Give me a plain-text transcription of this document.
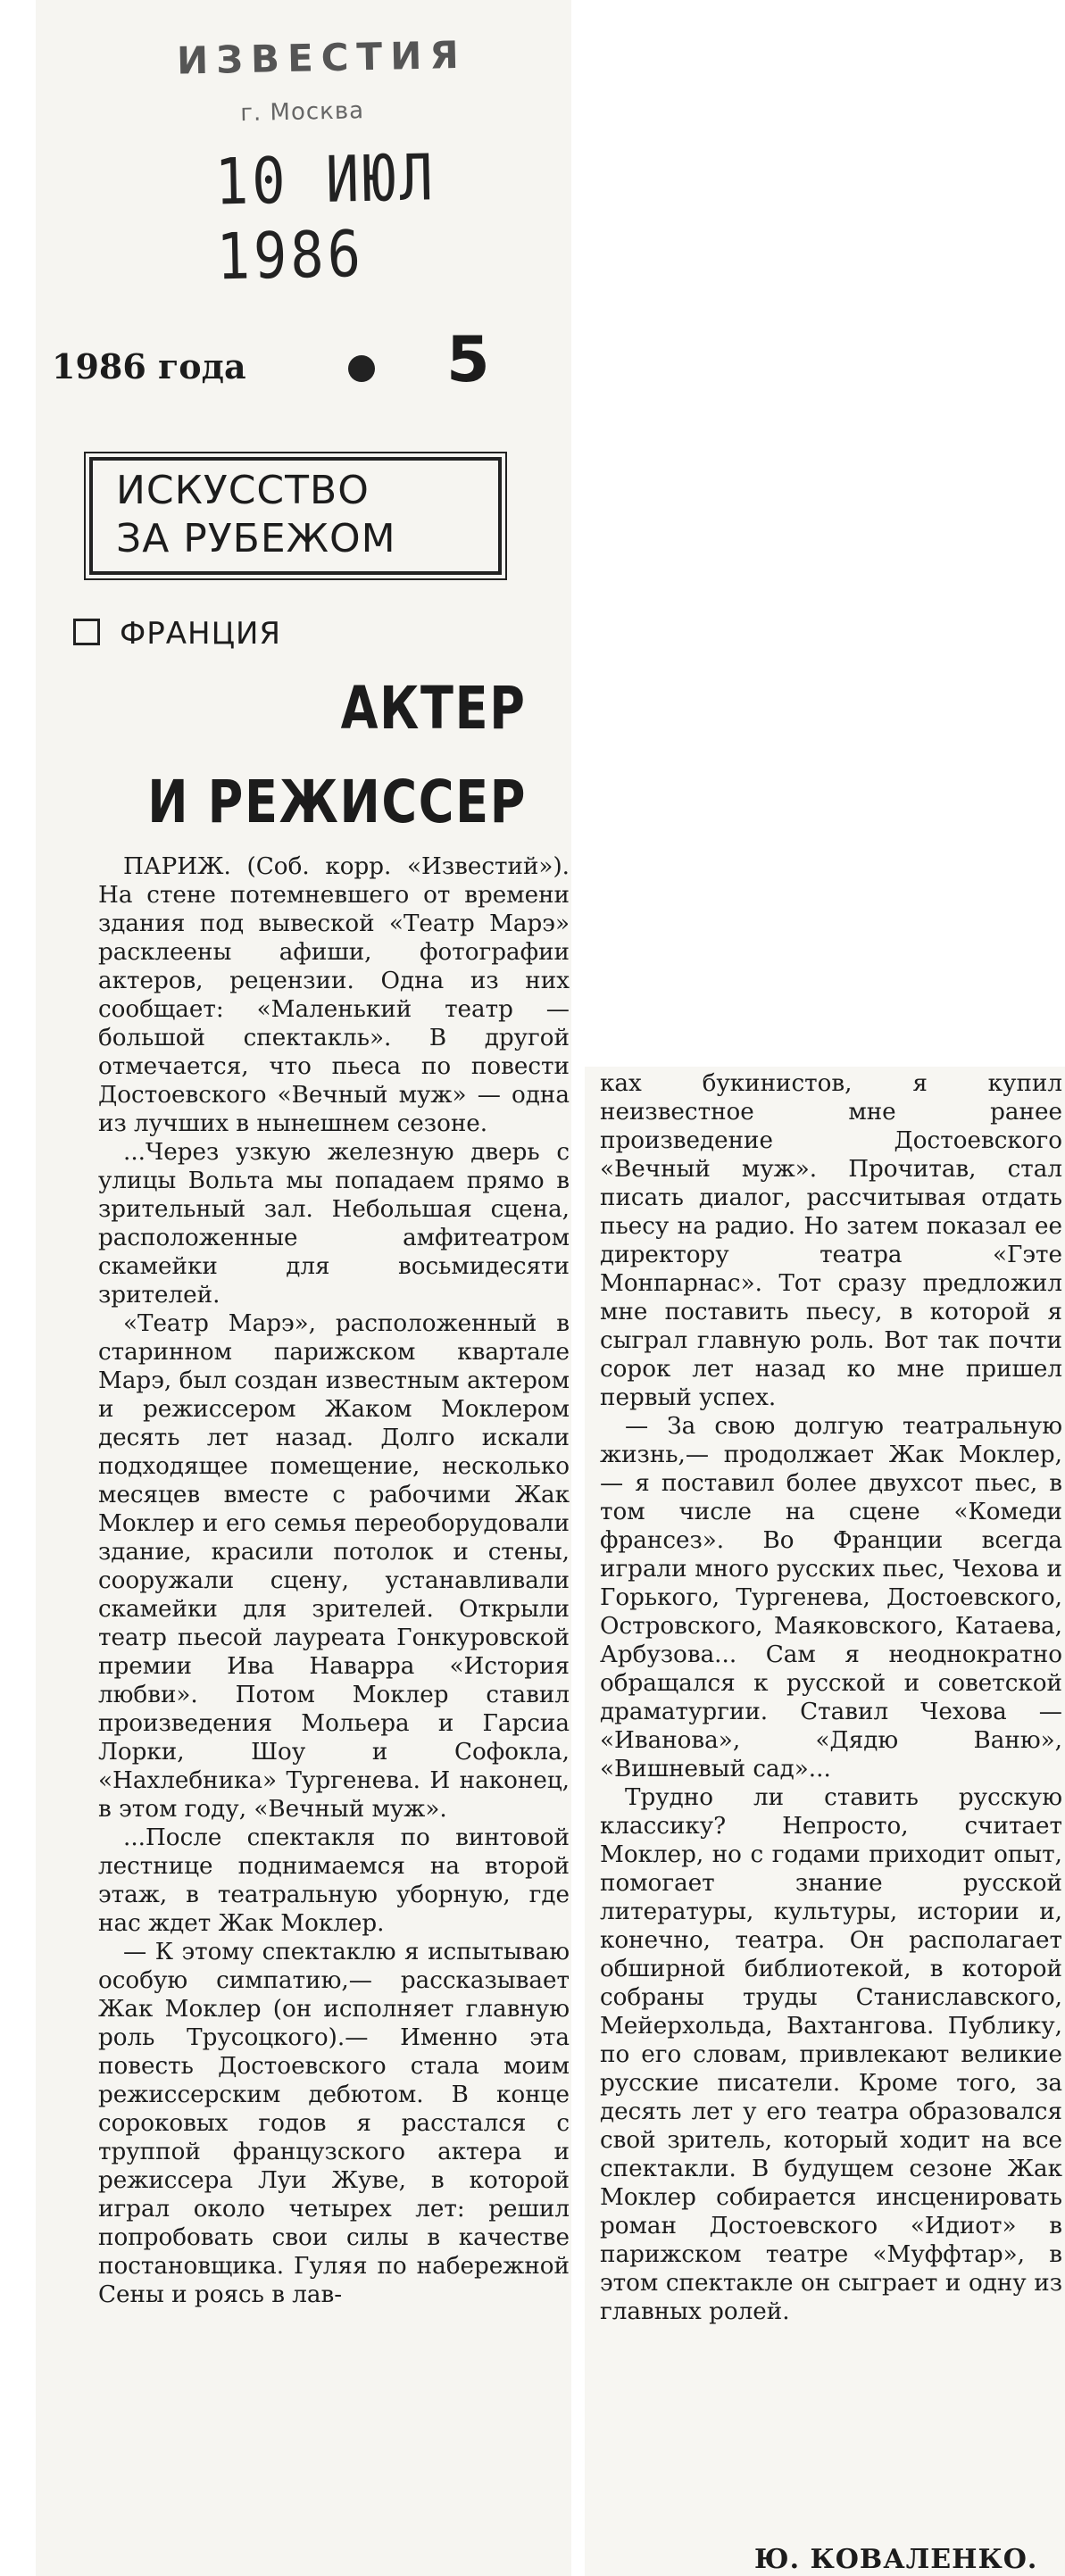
ИЗВЕСТИЯ
г. Москва
10 ИЮЛ 1986
1986 года	5
ИСКУССТВО
ЗА РУБЕЖОМ
ФРАНЦИЯ
АКТЕР
И РЕЖИССЕР

ПАРИЖ. (Соб. корр. «Известий»). На стене потемневшего от времени здания под вывеской «Театр Марэ» расклеены афиши, фотографии актеров, рецензии. Одна из них сообщает: «Маленький театр — большой спектакль». В другой отмечается, что пьеса по повести Достоевского «Вечный муж» — одна из лучших в нынешнем сезоне.

...Через узкую железную дверь с улицы Вольта мы попадаем прямо в зрительный зал. Небольшая сцена, расположенные амфитеатром скамейки для восьмидесяти зрителей.

«Театр Марэ», расположенный в старинном парижском квартале Марэ, был создан известным актером и режиссером Жаком Моклером десять лет назад. Долго искали подходящее помещение, несколько месяцев вместе с рабочими Жак Моклер и его семья переоборудовали здание, красили потолок и стены, сооружали сцену, устанавливали скамейки для зрителей. Открыли театр пьесой лауреата Гонкуровской премии Ива Наварра «История любви». Потом Моклер ставил произведения Мольера и Гарсиа Лорки, Шоу и Софокла, «Нахлебника» Тургенева. И наконец, в этом году, «Вечный муж».

...После спектакля по винтовой лестнице поднимаемся на второй этаж, в театральную уборную, где нас ждет Жак Моклер.

— К этому спектаклю я испытываю особую симпатию,— рассказывает Жак Моклер (он исполняет главную роль Трусоцкого).— Именно эта повесть Достоевского стала моим режиссерским дебютом. В конце сороковых годов я расстался с труппой французского актера и режиссера Луи Жуве, в которой играл около четырех лет: решил попробовать свои силы в качестве постановщика. Гуляя по набережной Сены и роясь в лав-

ках букинистов, я купил неизвестное мне ранее произведение Достоевского «Вечный муж». Прочитав, стал писать диалог, рассчитывая отдать пьесу на радио. Но затем показал ее директору театра «Гэте Монпарнас». Тот сразу предложил мне поставить пьесу, в которой я сыграл главную роль. Вот так почти сорок лет назад ко мне пришел первый успех.

— За свою долгую театральную жизнь,— продолжает Жак Моклер,— я поставил более двухсот пьес, в том числе на сцене «Комеди франсез». Во Франции всегда играли много русских пьес, Чехова и Горького, Тургенева, Достоевского, Островского, Маяковского, Катаева, Арбузова... Сам я неоднократно обращался к русской и советской драматургии. Ставил Чехова — «Иванова», «Дядю Ваню», «Вишневый сад»...

Трудно ли ставить русскую классику? Непросто, считает Моклер, но с годами приходит опыт, помогает знание русской литературы, культуры, истории и, конечно, театра. Он располагает обширной библиотекой, в которой собраны труды Станиславского, Мейерхольда, Вахтангова. Публику, по его словам, привлекают великие русские писатели. Кроме того, за десять лет у его театра образовался свой зритель, который ходит на все спектакли. В будущем сезоне Жак Моклер собирается инсценировать роман Достоевского «Идиот» в парижском театре «Муффтар», в этом спектакле он сыграет и одну из главных ролей.

Ю. КОВАЛЕНКО.
